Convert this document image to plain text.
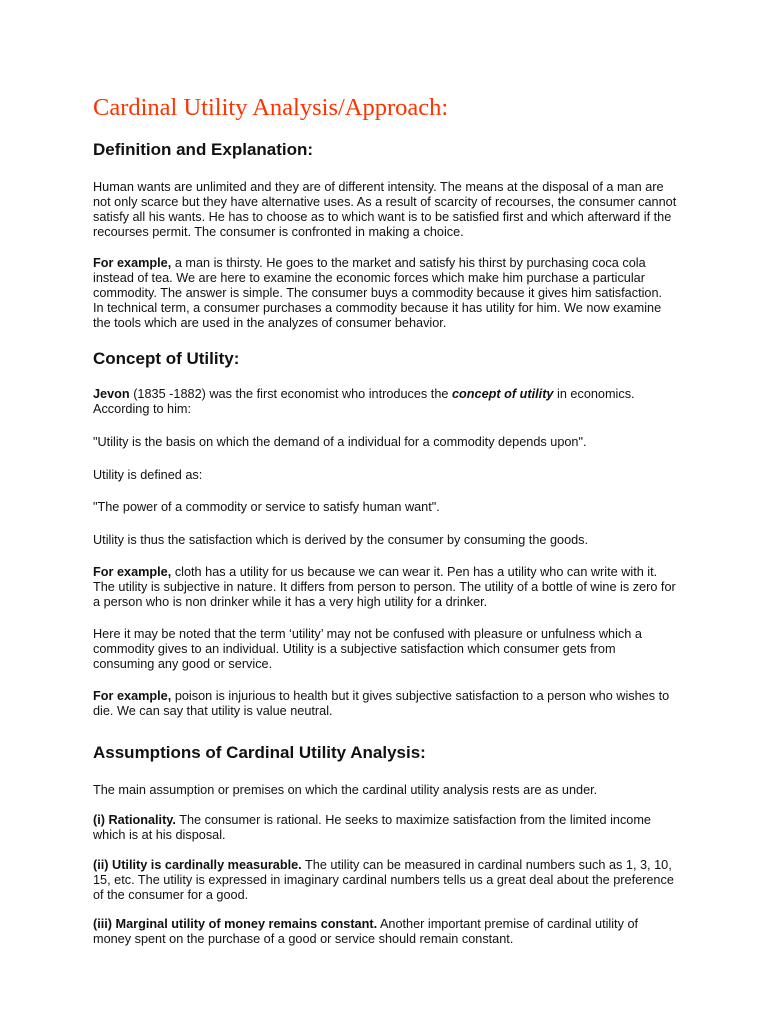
Cardinal Utility Analysis/Approach:
Definition and Explanation:
Human wants are unlimited and they are of different intensity. The means at the disposal of a man are
not only scarce but they have alternative uses. As a result of scarcity of recourses, the consumer cannot
satisfy all his wants. He has to choose as to which want is to be satisfied first and which afterward if the
recourses permit. The consumer is confronted in making a choice.
For example, a man is thirsty. He goes to the market and satisfy his thirst by purchasing coca cola
instead of tea. We are here to examine the economic forces which make him purchase a particular
commodity. The answer is simple. The consumer buys a commodity because it gives him satisfaction.
In technical term, a consumer purchases a commodity because it has utility for him. We now examine
the tools which are used in the analyzes of consumer behavior.
Concept of Utility:
Jevon (1835 -1882) was the first economist who introduces the concept of utility in economics.
According to him:
"Utility is the basis on which the demand of a individual for a commodity depends upon".
Utility is defined as:
"The power of a commodity or service to satisfy human want".
Utility is thus the satisfaction which is derived by the consumer by consuming the goods.
For example, cloth has a utility for us because we can wear it. Pen has a utility who can write with it.
The utility is subjective in nature. It differs from person to person. The utility of a bottle of wine is zero for
a person who is non drinker while it has a very high utility for a drinker.
Here it may be noted that the term ‘utility’ may not be confused with pleasure or unfulness which a
commodity gives to an individual. Utility is a subjective satisfaction which consumer gets from
consuming any good or service.
For example, poison is injurious to health but it gives subjective satisfaction to a person who wishes to
die. We can say that utility is value neutral.
Assumptions of Cardinal Utility Analysis:
The main assumption or premises on which the cardinal utility analysis rests are as under.
(i) Rationality. The consumer is rational. He seeks to maximize satisfaction from the limited income
which is at his disposal.
(ii) Utility is cardinally measurable. The utility can be measured in cardinal numbers such as 1, 3, 10,
15, etc. The utility is expressed in imaginary cardinal numbers tells us a great deal about the preference
of the consumer for a good.
(iii) Marginal utility of money remains constant. Another important premise of cardinal utility of
money spent on the purchase of a good or service should remain constant.
